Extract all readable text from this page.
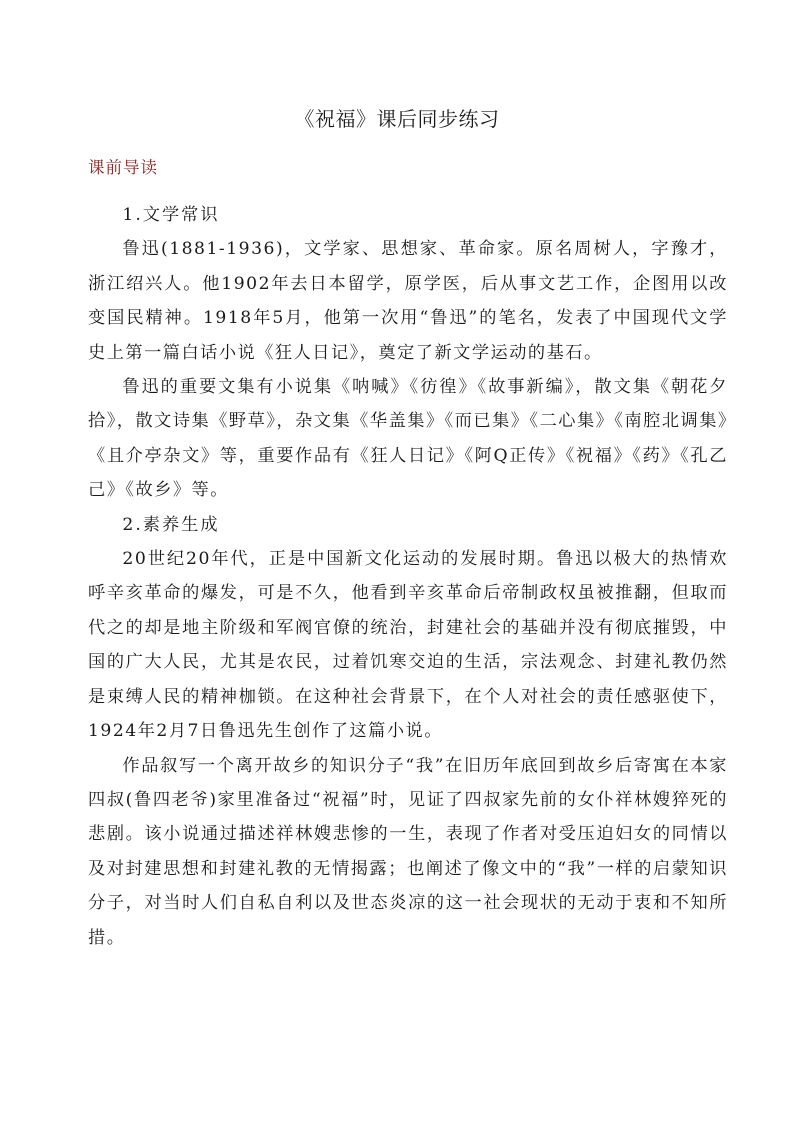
《祝福》课后同步练习
课前导读

1.文学常识

鲁迅(1881-1936)，文学家、思想家、革命家。原名周树人，字豫才，浙江绍兴人。他1902年去日本留学，原学医，后从事文艺工作，企图用以改变国民精神。1918年5月，他第一次用“鲁迅”的笔名，发表了中国现代文学史上第一篇白话小说《狂人日记》，奠定了新文学运动的基石。

鲁迅的重要文集有小说集《呐喊》《彷徨》《故事新编》，散文集《朝花夕拾》，散文诗集《野草》，杂文集《华盖集》《而已集》《二心集》《南腔北调集》《且介亭杂文》等，重要作品有《狂人日记》《阿Q正传》《祝福》《药》《孔乙己》《故乡》等。

2.素养生成

20世纪20年代，正是中国新文化运动的发展时期。鲁迅以极大的热情欢呼辛亥革命的爆发，可是不久，他看到辛亥革命后帝制政权虽被推翻，但取而代之的却是地主阶级和军阀官僚的统治，封建社会的基础并没有彻底摧毁，中国的广大人民，尤其是农民，过着饥寒交迫的生活，宗法观念、封建礼教仍然是束缚人民的精神枷锁。在这种社会背景下，在个人对社会的责任感驱使下，1924年2月7日鲁迅先生创作了这篇小说。

作品叙写一个离开故乡的知识分子“我”在旧历年底回到故乡后寄寓在本家四叔(鲁四老爷)家里准备过“祝福”时，见证了四叔家先前的女仆祥林嫂猝死的悲剧。该小说通过描述祥林嫂悲惨的一生，表现了作者对受压迫妇女的同情以及对封建思想和封建礼教的无情揭露；也阐述了像文中的“我”一样的启蒙知识分子，对当时人们自私自利以及世态炎凉的这一社会现状的无动于衷和不知所措。
